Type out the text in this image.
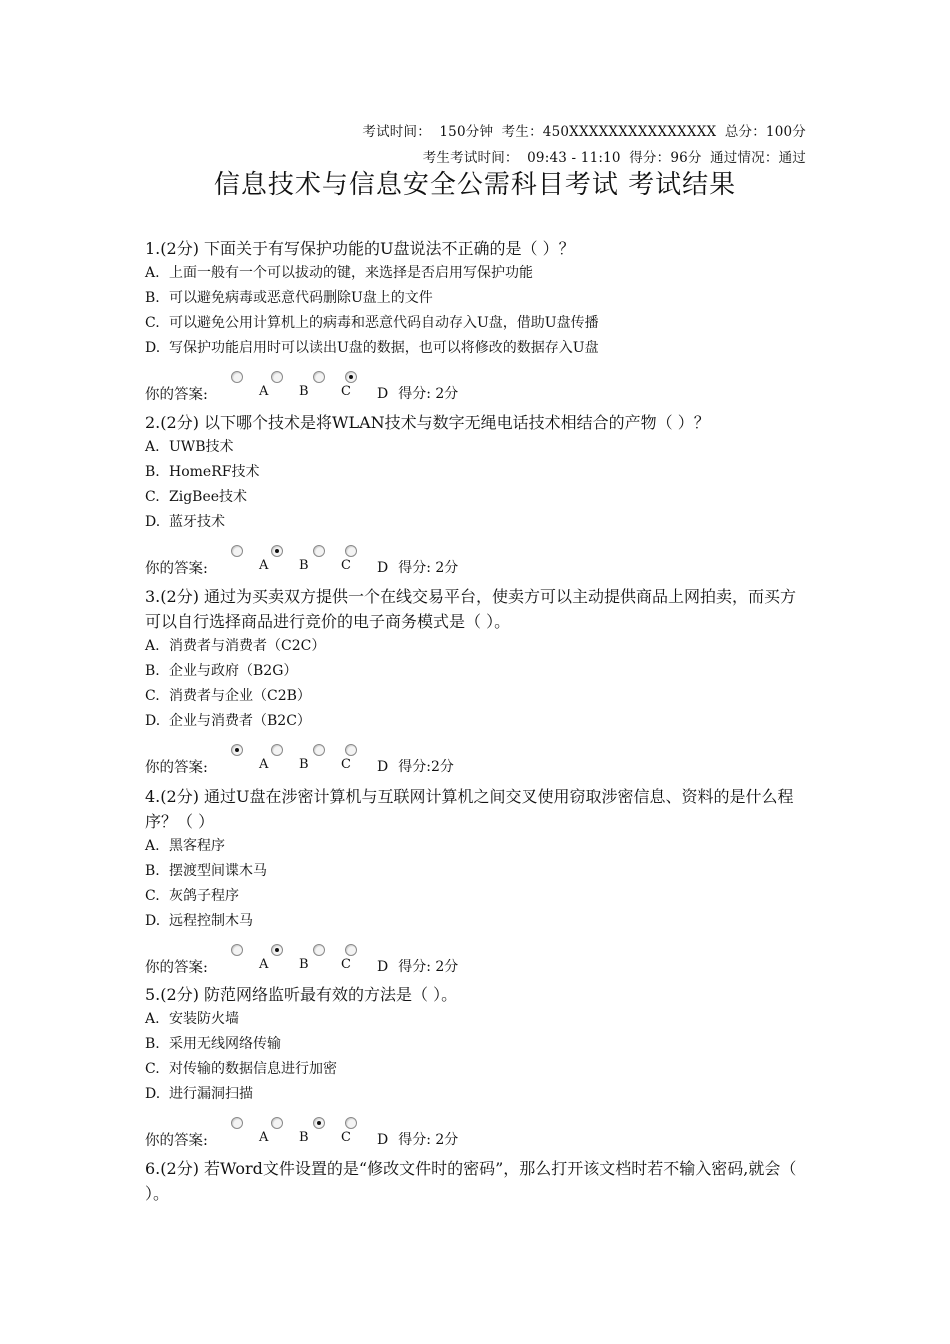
考试时间： 150分钟 考生：450XXXXXXXXXXXXXXX 总分：100分
考生考试时间： 09:43 - 11:10 得分：96分 通过情况：通过
信息技术与信息安全公需科目考试 考试结果

1.(2分) 下面关于有写保护功能的U盘说法不正确的是（ ）？

A. 上面一般有一个可以拔动的键，来选择是否启用写保护功能

B. 可以避免病毒或恶意代码删除U盘上的文件

C. 可以避免公用计算机上的病毒和恶意代码自动存入U盘，借助U盘传播

D. 写保护功能启用时可以读出U盘的数据，也可以将修改的数据存入U盘

你的答案:	A B C D 得分: 2分

2.(2分) 以下哪个技术是将WLAN技术与数字无绳电话技术相结合的产物（ ）？

A. UWB技术

B. HomeRF技术

C. ZigBee技术

D. 蓝牙技术

你的答案:	A B C D 得分: 2分

3.(2分) 通过为买卖双方提供一个在线交易平台，使卖方可以主动提供商品上网拍卖，而买方可以自行选择商品进行竞价的电子商务模式是（ ）。

A. 消费者与消费者（C2C）

B. 企业与政府（B2G）

C. 消费者与企业（C2B）

D. 企业与消费者（B2C）

你的答案:	A B C D 得分:2分

4.(2分) 通过U盘在涉密计算机与互联网计算机之间交叉使用窃取涉密信息、资料的是什么程序？（ ）

A. 黑客程序

B. 摆渡型间谍木马

C. 灰鸽子程序

D. 远程控制木马

你的答案:	A B C D 得分: 2分

5.(2分) 防范网络监听最有效的方法是（ ）。

A. 安装防火墙

B. 采用无线网络传输

C. 对传输的数据信息进行加密

D. 进行漏洞扫描

你的答案:	A B C D 得分: 2分

6.(2分) 若Word文件设置的是“修改文件时的密码”，那么打开该文档时若不输入密码,就会（ ）。
